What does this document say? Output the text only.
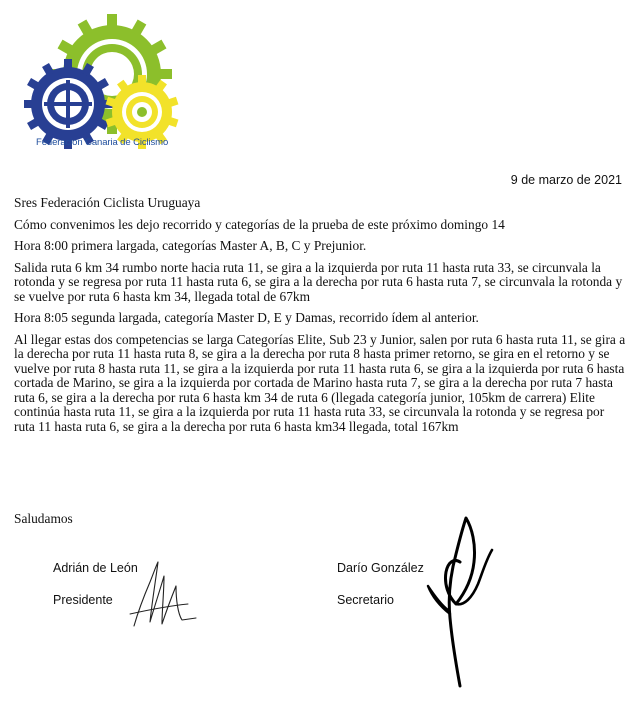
Federacion Canaria de Ciclismo
9 de marzo de 2021

Sres Federación Ciclista Uruguaya

Cómo convenimos les dejo recorrido y categorías de la prueba de este próximo domingo 14

Hora 8:00 primera largada, categorías Master A, B, C y Prejunior.

Salida ruta 6 km 34 rumbo norte hacia ruta 11, se gira a la izquierda por ruta 11 hasta ruta 33, se circunvala la rotonda y se regresa por ruta 11 hasta ruta 6, se gira a la derecha por ruta 6 hasta ruta 7, se circunvala la rotonda y se vuelve por ruta 6 hasta km 34, llegada total de 67km

Hora 8:05 segunda largada, categoría Master D, E y Damas, recorrido ídem al anterior.

Al llegar estas dos competencias se larga Categorías Elite, Sub 23 y Junior, salen por ruta 6 hasta ruta 11, se gira a la derecha por ruta 11 hasta ruta 8, se gira a la derecha por ruta 8 hasta primer retorno, se gira en el retorno y se vuelve por ruta 8 hasta ruta 11, se gira a la izquierda por ruta 11 hasta ruta 6, se gira a la izquierda por ruta 6 hasta cortada de Marino, se gira a la izquierda por cortada de Marino hasta ruta 7, se gira a la derecha por ruta 7 hasta ruta 6, se gira a la derecha por ruta 6 hasta km 34 de ruta 6 (llegada categoría junior, 105km de carrera) Elite continúa hasta ruta 11, se gira a la izquierda por ruta 11 hasta ruta 33, se circunvala la rotonda y se regresa por ruta 11 hasta ruta 6, se gira a la derecha por ruta 6 hasta km34 llegada, total 167km

Saludamos
Adrián de León
Presidente
Darío González
Secretario
